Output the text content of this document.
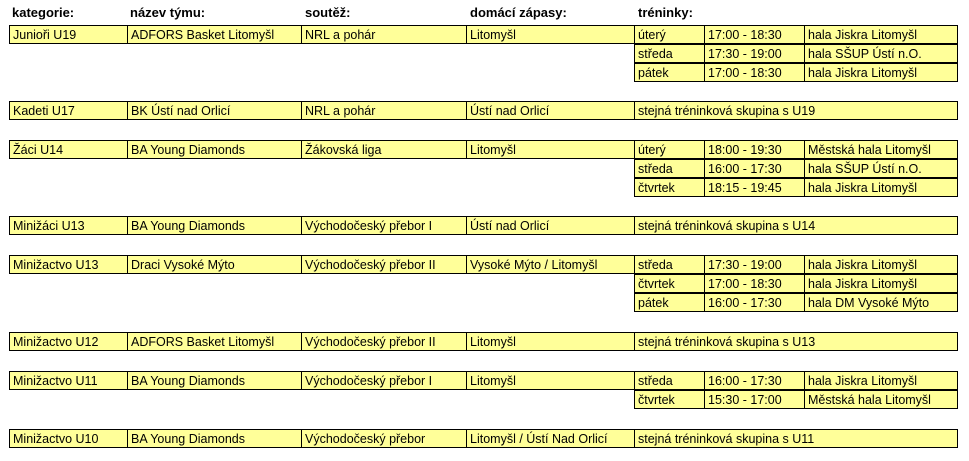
kategorie:	název týmu:	soutěž:	domácí zápasy:	tréninky:
Junioři U19	ADFORS Basket Litomyšl	NRL a pohár	Litomyšl	úterý	17:00 - 18:30	hala Jiskra Litomyšl
středa	17:30 - 19:00	hala SŠUP Ústí n.O.
pátek	17:00 - 18:30	hala Jiskra Litomyšl
Kadeti U17	BK Ústí nad Orlicí	NRL a pohár	Ústí nad Orlicí	stejná tréninková skupina s U19
Žáci U14	BA Young Diamonds	Žákovská liga	Litomyšl	úterý	18:00 - 19:30	Městská hala Litomyšl
středa	16:00 - 17:30	hala SŠUP Ústí n.O.
čtvrtek	18:15 - 19:45	hala Jiskra Litomyšl
Minižáci U13	BA Young Diamonds	Východočeský přebor I	Ústí nad Orlicí	stejná tréninková skupina s U14
Minižactvo U13	Draci Vysoké Mýto	Východočeský přebor II	Vysoké Mýto / Litomyšl	středa	17:30 - 19:00	hala Jiskra Litomyšl
čtvrtek	17:00 - 18:30	hala Jiskra Litomyšl
pátek	16:00 - 17:30	hala DM Vysoké Mýto
Minižactvo U12	ADFORS Basket Litomyšl	Východočeský přebor II	Litomyšl	stejná tréninková skupina s U13
Minižactvo U11	BA Young Diamonds	Východočeský přebor I	Litomyšl	středa	16:00 - 17:30	hala Jiskra Litomyšl
čtvrtek	15:30 - 17:00	Městská hala Litomyšl
Minižactvo U10	BA Young Diamonds	Východočeský přebor	Litomyšl / Ústí Nad Orlicí	stejná tréninková skupina s U11
